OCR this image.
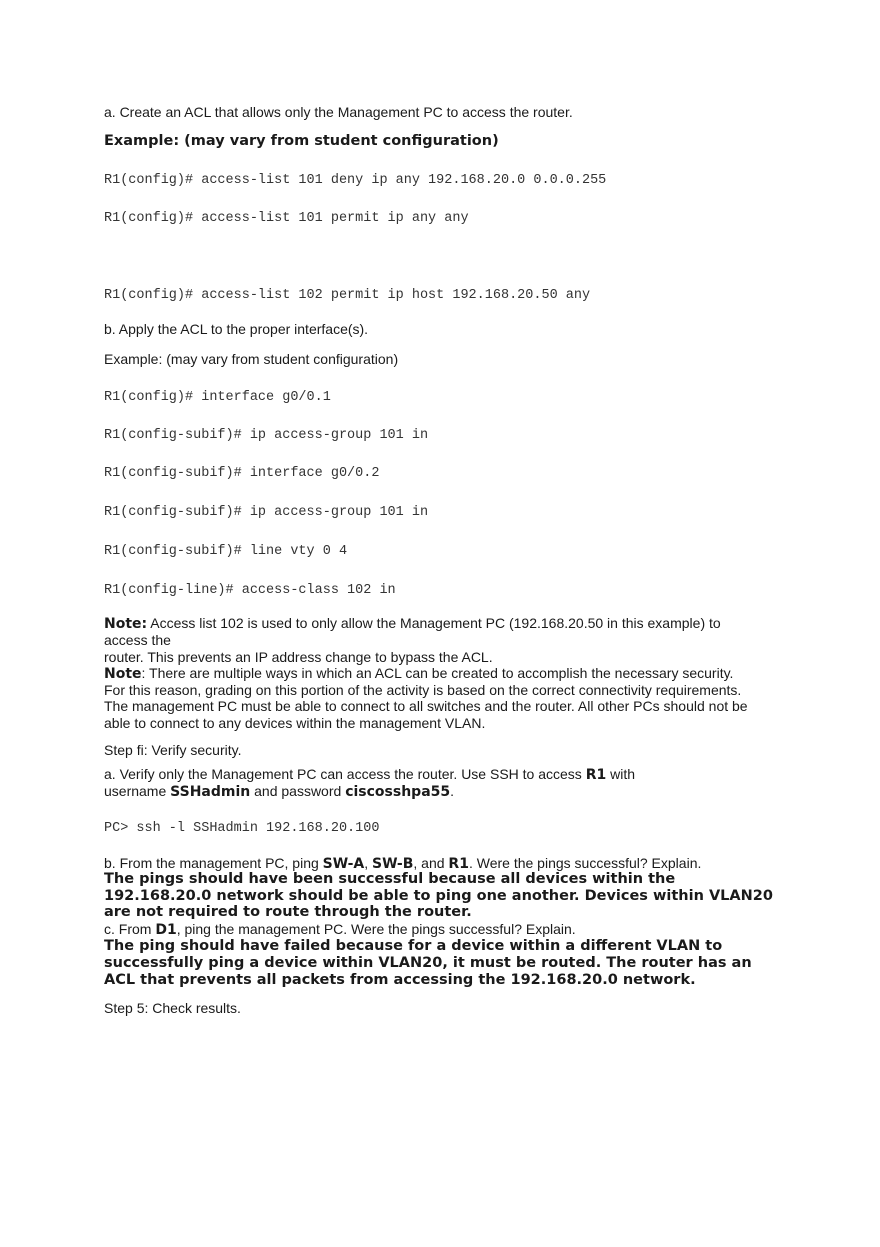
a. Create an ACL that allows only the Management PC to access the router.
Example: (may vary from student configuration)
R1(config)# access-list 101 deny ip any 192.168.20.0 0.0.0.255
R1(config)# access-list 101 permit ip any any
R1(config)# access-list 102 permit ip host 192.168.20.50 any
b. Apply the ACL to the proper interface(s).
Example: (may vary from student configuration)
R1(config)# interface g0/0.1
R1(config-subif)# ip access-group 101 in
R1(config-subif)# interface g0/0.2
R1(config-subif)# ip access-group 101 in
R1(config-subif)# line vty 0 4
R1(config-line)# access-class 102 in
Note: Access list 102 is used to only allow the Management PC (192.168.20.50 in this example) to
access the
router. This prevents an IP address change to bypass the ACL.
Note: There are multiple ways in which an ACL can be created to accomplish the necessary security.
For this reason, grading on this portion of the activity is based on the correct connectivity requirements.
The management PC must be able to connect to all switches and the router. All other PCs should not be
able to connect to any devices within the management VLAN.
Step fi: Verify security.
a. Verify only the Management PC can access the router. Use SSH to access R1 with
username SSHadmin and password ciscosshpa55.
PC> ssh -l SSHadmin 192.168.20.100
b. From the management PC, ping SW-A, SW-B, and R1. Were the pings successful? Explain.
The pings should have been successful because all devices within the
192.168.20.0 network should be able to ping one another. Devices within VLAN20
are not required to route through the router.
c. From D1, ping the management PC. Were the pings successful? Explain.
The ping should have failed because for a device within a different VLAN to
successfully ping a device within VLAN20, it must be routed. The router has an
ACL that prevents all packets from accessing the 192.168.20.0 network.
Step 5: Check results.
